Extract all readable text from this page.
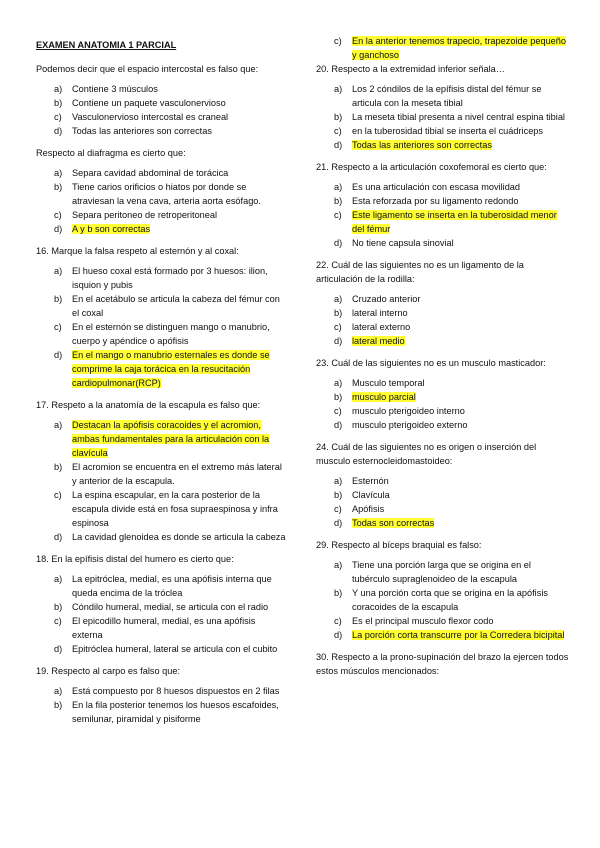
EXAMEN ANATOMIA 1 PARCIAL
Podemos decir que el espacio intercostal es falso que:
a)	Contiene 3 músculos
b)	Contiene un paquete vasculonervioso
c)	Vasculonervioso intercostal es craneal
d)	Todas las anteriores son correctas
Respecto al diafragma es cierto que:
a)	Separa cavidad abdominal de torácica
b)	Tiene carios orificios o hiatos por donde se atraviesan la vena cava, arteria aorta esófago.
c)	Separa peritoneo de retroperitoneal
d)	A y b son correctas
16. Marque la falsa respeto al esternón y al coxal:
a)	El hueso coxal está formado por 3 huesos: ilion, isquion y pubis
b)	En el acetábulo se articula la cabeza del fémur con el coxal
c)	En el esternón se distinguen mango o manubrio, cuerpo y apéndice o apófisis
d)	En el mango o manubrio esternales es donde se comprime la caja torácica en la resucitación cardiopulmonar(RCP)
17. Respeto a la anatomía de la escapula es falso que:
a)	Destacan la apófisis coracoides y el acromion, ambas fundamentales para la articulación con la clavícula
b)	El acromion se encuentra en el extremo más lateral y anterior de la escapula.
c)	La espina escapular, en la cara posterior de la escapula divide está en fosa supraespinosa y infra espinosa
d)	La cavidad glenoidea es donde se articula la cabeza
18. En la epífisis distal del humero es cierto que:
a)	La epitróclea, medial, es una apófisis interna que queda encima de la tróclea
b)	Cóndilo humeral, medial, se articula con el radio
c)	El epicodillo humeral, medial, es una apófisis externa
d)	Epitróclea humeral, lateral se articula con el cubito
19. Respecto al carpo es falso que:
a)	Está compuesto por 8 huesos dispuestos en 2 filas
b)	En la fila posterior tenemos los huesos escafoides, semilunar, piramidal y pisiforme
c)	En la anterior tenemos trapecio, trapezoide pequeño y ganchoso
20. Respecto a la extremidad inferior señala…
a)	Los 2 cóndilos de la epífisis distal del fémur se articula con la meseta tibial
b)	La meseta tibial presenta a nivel central espina tibial
c)	en la tuberosidad tibial se inserta el cuádriceps
d)	Todas las anteriores son correctas
21. Respecto a la articulación coxofemoral es cierto que:
a)	Es una articulación con escasa movilidad
b)	Esta reforzada por su ligamento redondo
c)	Este ligamento se inserta en la tuberosidad menor del fémur
d)	No tiene capsula sinovial
22. Cuál de las siguientes no es un ligamento de la articulación de la rodilla:
a)	Cruzado anterior
b)	lateral interno
c)	lateral externo
d)	lateral medio
23. Cuál de las siguientes no es un musculo masticador:
a)	Musculo temporal
b)	musculo parcial
c)	musculo pterigoideo interno
d)	musculo pterigoideo externo
24. Cuál de las siguientes no es origen o inserción del musculo esternocleidomastoideo:
a)	Esternón
b)	Clavícula
c)	Apófisis
d)	Todas son correctas
29. Respecto al bíceps braquial es falso:
a)	Tiene una porción larga que se origina en el tubérculo supraglenoideo de la escapula
b)	Y una porción corta que se origina en la apófisis coracoides de la escapula
c)	Es el principal musculo flexor codo
d)	La porción corta transcurre por la Corredera bicipital
30. Respecto a la prono-supinación del brazo la ejercen todos estos músculos mencionados:
